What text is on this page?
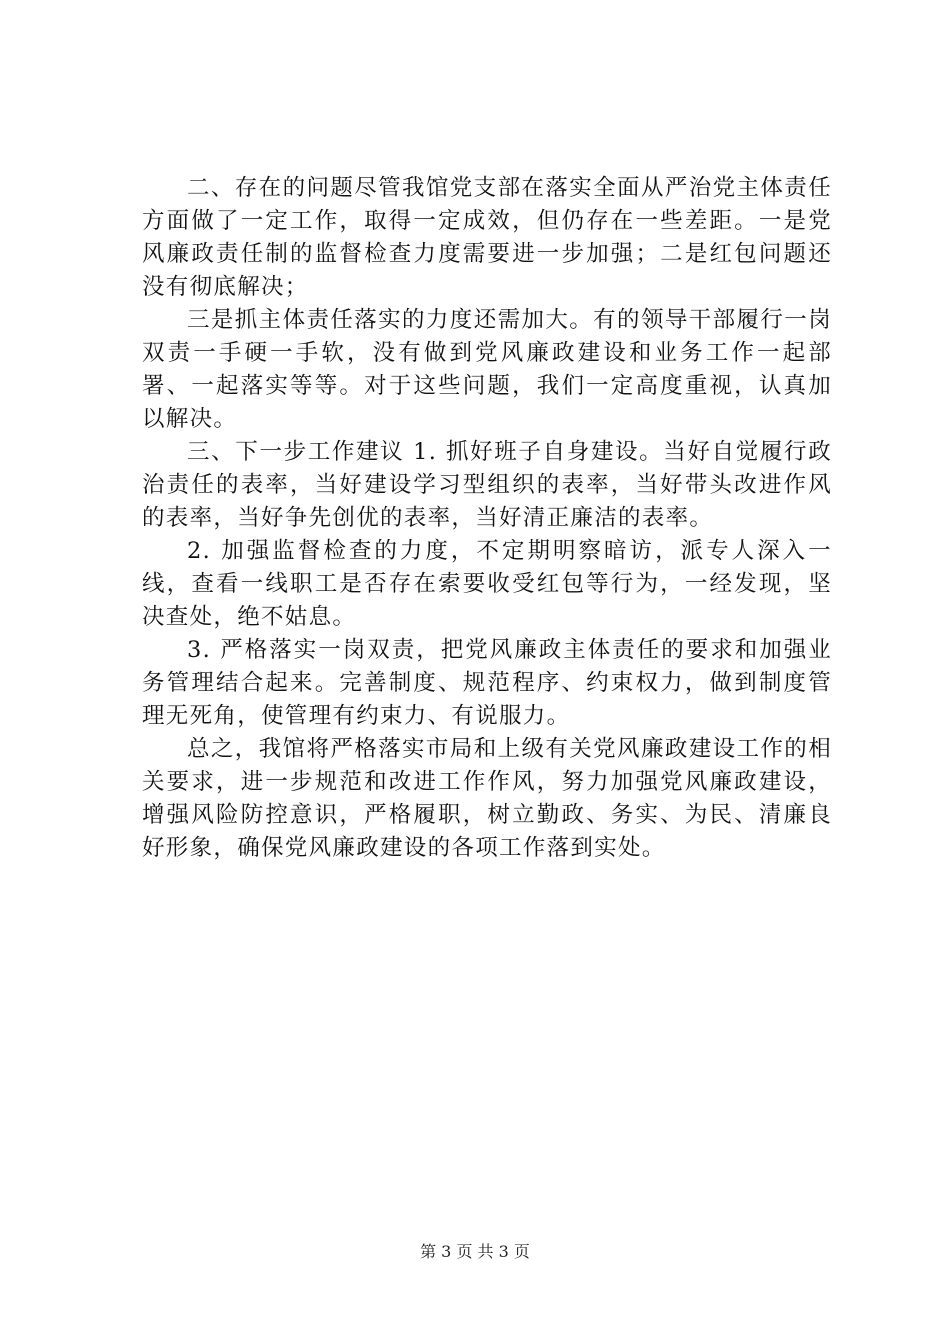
二、存在的问题尽管我馆党支部在落实全面从严治党主体责任方面做了一定工作，取得一定成效，但仍存在一些差距。一是党风廉政责任制的监督检查力度需要进一步加强；二是红包问题还没有彻底解决；

三是抓主体责任落实的力度还需加大。有的领导干部履行一岗双责一手硬一手软，没有做到党风廉政建设和业务工作一起部署、一起落实等等。对于这些问题，我们一定高度重视，认真加以解决。

三、下一步工作建议 1. 抓好班子自身建设。当好自觉履行政治责任的表率，当好建设学习型组织的表率，当好带头改进作风的表率，当好争先创优的表率，当好清正廉洁的表率。

2. 加强监督检查的力度，不定期明察暗访，派专人深入一线，查看一线职工是否存在索要收受红包等行为，一经发现，坚决查处，绝不姑息。

3. 严格落实一岗双责，把党风廉政主体责任的要求和加强业务管理结合起来。完善制度、规范程序、约束权力，做到制度管理无死角，使管理有约束力、有说服力。

总之，我馆将严格落实市局和上级有关党风廉政建设工作的相关要求，进一步规范和改进工作作风，努力加强党风廉政建设，增强风险防控意识，严格履职，树立勤政、务实、为民、清廉良好形象，确保党风廉政建设的各项工作落到实处。

第 3 页 共 3 页
